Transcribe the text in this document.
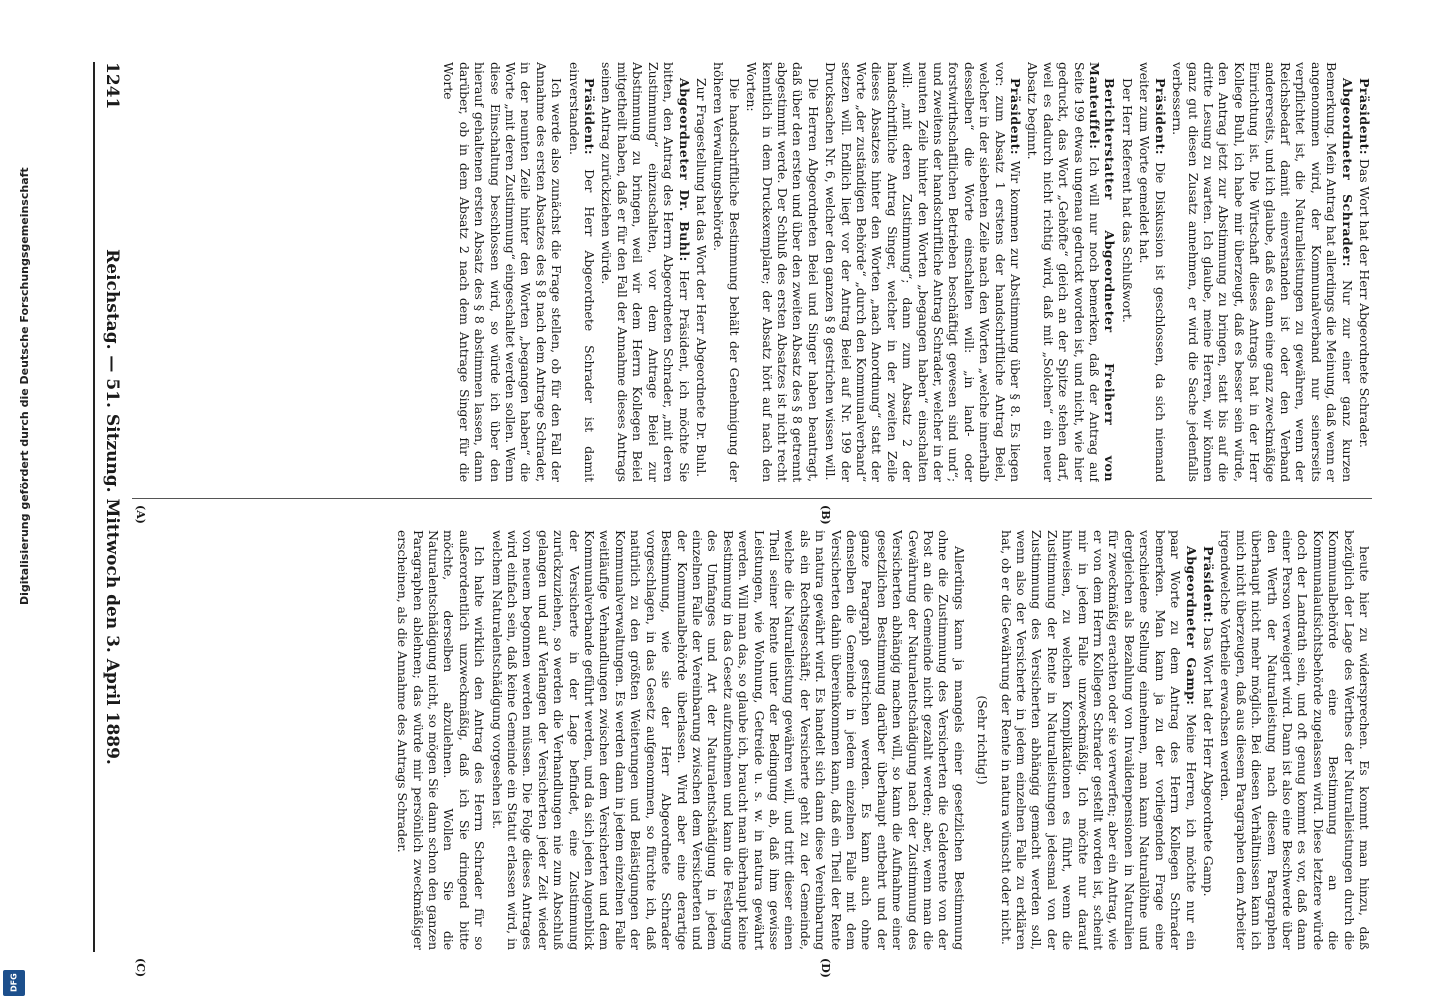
1241
Reichstag. — 51. Sitzung. Mittwoch den 3. April 1889.

Präsident: Das Wort hat der Herr Abgeordnete Schrader.

Abgeordneter Schrader: Nur zur einer ganz kurzen Bemerkung. Mein Antrag hat allerdings die Meinung, daß wenn er angenommen wird, der Kommunalverband nur seinerseits verpflichtet ist, die Naturalleistungen zu gewähren, wenn der Reichsbedarf damit einverstanden ist oder den Verband andererseits, und ich glaube, daß es dann eine ganz zweckmäßige Einrichtung ist. Die Wirtschaft dieses Antrags hat in der Herr Kollege Buhl, ich habe mir überzeugt, daß es besser sein würde, den Antrag jetzt zur Abstimmung zu bringen, statt bis auf die dritte Lesung zu warten. Ich glaube, meine Herren, wir können ganz gut diesen Zusatz annehmen, er wird die Sache jedenfalls verbessern.

Präsident: Die Diskussion ist geschlossen, da sich niemand weiter zum Worte gemeldet hat.

Der Herr Referent hat das Schlußwort.

Berichterstatter Abgeordneter Freiherr von Manteuffel: Ich will nur noch bemerken, daß der Antrag auf Seite 199 etwas ungenau gedruckt worden ist, und nicht, wie hier gedruckt, das Wort „Gehöfte“ gleich an der Spitze stehen darf, weil es dadurch nicht richtig wird, daß mit „Solchen“ ein neuer Absatz beginnt.

Präsident: Wir kommen zur Abstimmung über § 8. Es liegen vor: zum Absatz 1 erstens der handschriftliche Antrag Beiel, welcher in der siebenten Zeile nach den Worten „welche innerhalb desselben“ die Worte einschalten will: „in land- oder forstwirthschaftlichen Betrieben beschäftigt gewesen sind und“; und zweitens der handschriftliche Antrag Schrader, welcher in der neunten Zeile hinter den Worten „begangen haben“ einschalten will: „mit deren Zustimmung“; dann zum Absatz 2 der handschriftliche Antrag Singer, welcher in der zweiten Zeile dieses Absatzes hinter den Worten „nach Anordnung“ statt der Worte „der zuständigen Behörde“ „durch den Kommunalverband“ setzen will. Endlich liegt vor der Antrag Beiel auf Nr. 199 der Drucksachen Nr. 6, welcher den ganzen § 8 gestrichen wissen will.

Die Herren Abgeordneten Beiel und Singer haben beantragt, daß über den ersten und über den zweiten Absatz des § 8 getrennt abgestimmt werde. Der Schluß des ersten Absatzes ist nicht recht kenntlich in dem Druckexemplare; der Absatz hört auf nach den Worten:

Die handschriftliche Bestimmung behält der Genehmigung der höheren Verwaltungsbehörde.

Zur Fragestellung hat das Wort der Herr Abgeordnete Dr. Buhl.

Abgeordneter Dr. Buhl: Herr Präsident, ich möchte Sie bitten, den Antrag des Herrn Abgeordneten Schrader, „mit deren Zustimmung“ einzuschalten, vor dem Antrage Beiel zur Abstimmung zu bringen, weil wir dem Herrn Kollegen Beiel mitgetheilt haben, daß er für den Fall der Annahme dieses Antrags seinen Antrag zurückziehen würde.

Präsident: Der Herr Abgeordnete Schrader ist damit einverstanden.

Ich werde also zunächst die Frage stellen, ob für den Fall der Annahme des ersten Absatzes des § 8 nach dem Antrage Schrader, in der neunten Zeile hinter den Worten „begangen haben“ die Worte „mit deren Zustimmung“ eingeschaltet werden sollen. Wenn diese Einschaltung beschlossen wird, so würde ich über den hierauf gehaltenen ersten Absatz des § 8 abstimmen lassen, dann darüber, ob in dem Absatz 2 nach dem Antrage Singer für die Worte

heute hier zu widersprechen. Es kommt man hinzu, daß bezüglich der Lage des Werthes der Naturalleistungen durch die Kommunalbehörde eine Bestimmung an die Kommunalaufsichtsbehörde zugelassen wird. Diese letztere würde doch der Landrath sein, und oft genug kommt es vor, daß dann einer Person verweigert wird. Dann ist also eine Beschwerde über den Werth der Naturalleistung nach diesem Paragraphen überhaupt nicht mehr möglich. Bei diesen Verhältnissen kann ich mich nicht überzeugen, daß aus diesem Paragraphen dem Arbeiter irgendwelche Vortheile erwachsen werden.

Präsident: Das Wort hat der Herr Abgeordnete Gamp.

Abgeordneter Gamp: Meine Herren, ich möchte nur ein paar Worte zu dem Antrag des Herrn Kollegen Schrader bemerken. Man kann ja zu der vorliegenden Frage eine verschiedene Stellung einnehmen, man kann Naturallöhne und dergleichen als Bezahlung von Invalidenpensionen in Naturalien für zweckmäßig erachten oder sie verwerfen; aber ein Antrag, wie er von dem Herrn Kollegen Schrader gestellt worden ist, scheint mir in jedem Falle unzweckmäßig. Ich möchte nur darauf hinweisen, zu welchen Komplikationen es führt, wenn die Zustimmung der Rente in Naturalleistungen jedesmal von der Zustimmung des Versicherten abhängig gemacht werden soll, wenn also der Versicherte in jedem einzelnen Falle zu erklären hat, ob er die Gewährung der Rente in natura wünscht oder nicht.

(Sehr richtig!)

Allerdings kann ja mangels einer gesetzlichen Bestimmung ohne die Zustimmung des Versicherten die Gelderente von der Post an die Gemeinde nicht gezahlt werden; aber, wenn man die Gewährung der Naturalentschädigung nach der Zustimmung des Versicherten abhängig machen will, so kann die Aufnahme einer gesetzlichen Bestimmung darüber überhaupt entbehrt und der ganze Paragraph gestrichen werden. Es kann auch ohne denselben die Gemeinde in jedem einzelnen Falle mit dem Versicherten dahin übereinkommen kann, daß ein Theil der Rente in natura gewährt wird. Es handelt sich dann diese Vereinbarung als ein Rechtsgeschäft; der Versicherte geht zu der Gemeinde, welche die Naturalleistung gewähren will, und tritt dieser einen Theil seiner Rente unter der Bedingung ab, daß ihm gewisse Leistungen, wie Wohnung, Getreide u. s. w. in natura gewährt werden. Will man das, so glaube ich, braucht man überhaupt keine Bestimmung in das Gesetz aufzunehmen und kann die Festlegung des Umfanges und Art der Naturalentschädigung in jedem einzelnen Falle der Vereinbarung zwischen dem Versicherten und der Kommunalbehörde überlassen. Wird aber eine derartige Bestimmung, wie sie der Herr Abgeordnete Schrader vorgeschlagen, in das Gesetz aufgenommen, so fürchte ich, daß natürlich zu den größten Weiterungen und Belästigungen der Kommunalverwaltungen. Es werden dann in jedem einzelnen Falle weitläufige Verhandlungen zwischen dem Versicherten und dem Kommunalverbande geführt werden, und da sich jeden Augenblick der Versicherte in der Lage befindet, eine Zustimmung zurückzuziehen, so werden die Verhandlungen nie zum Abschluß gelangen und auf Verlangen der Versicherten jeder Zeit wieder von neuem begonnen werden müssen. Die Folge dieses Antrages wird einfach sein, daß keine Gemeinde ein Statut erlassen wird, in welchem Naturalentschädigung vorgesehen ist.

Ich halte wirklich den Antrag des Herrn Schrader für so außerordentlich unzweckmäßig, daß ich Sie dringend bitte möchte, derselben abzulehnen. Wollen Sie die Naturalentschädigung nicht, so mögen Sie dann schon den ganzen Paragraphen ablehnen; das würde mir persönlich zweckmäßiger erscheinen, als die Annahme des Antrags Schrader.

(C)	(D)
(A)	(B)
Digitalisierung gefördert durch die Deutsche Forschungsgemeinschaft
DFG
